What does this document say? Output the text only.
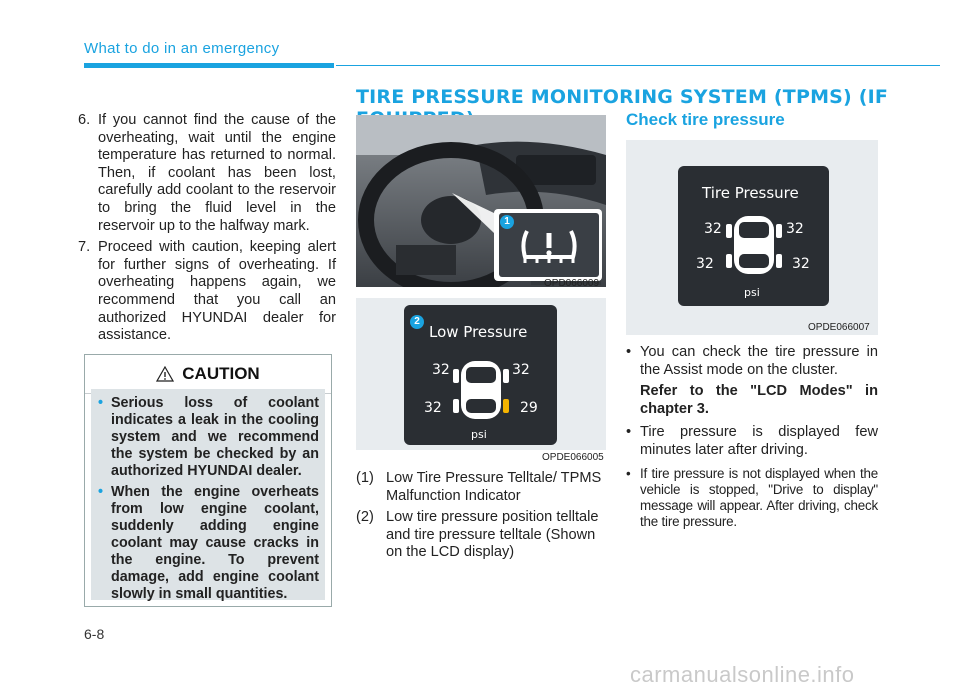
What to do in an emergency
6. If you cannot find the cause of the overheating, wait until the engine temperature has returned to normal. Then, if coolant has been lost, carefully add coolant to the reservoir to bring the fluid level in the reservoir up to the halfway mark.
7. Proceed with caution, keeping alert for further signs of overheating. If overheating happens again, we recommend that you call an authorized HYUNDAI dealer for assistance.
CAUTION
• Serious loss of coolant indicates a leak in the cooling system and we recommend the system be checked by an authorized HYUNDAI dealer.
• When the engine overheats from low engine coolant, suddenly adding engine coolant may cause cracks in the engine. To prevent damage, add engine coolant slowly in small quantities.
TIRE PRESSURE MONITORING SYSTEM (TPMS) (IF
1
OPD066009
2
Low Pressure
32	32
32	29
psi
OPDE066005
(1) Low Tire Pressure Telltale/ TPMS Malfunction Indicator
(2) Low tire pressure position telltale and tire pressure telltale (Shown on the LCD display)
Check tire pressure
Tire Pressure
32	32
32	32
psi
OPDE066007
• You can check the tire pressure in the Assist mode on the cluster.
Refer to the "LCD Modes" in chapter 3.
• Tire pressure is displayed few minutes later after driving.
• If tire pressure is not displayed when the vehicle is stopped, "Drive to display" message will appear. After driving, check the tire pressure.
6-8
carmanualsonline.info
